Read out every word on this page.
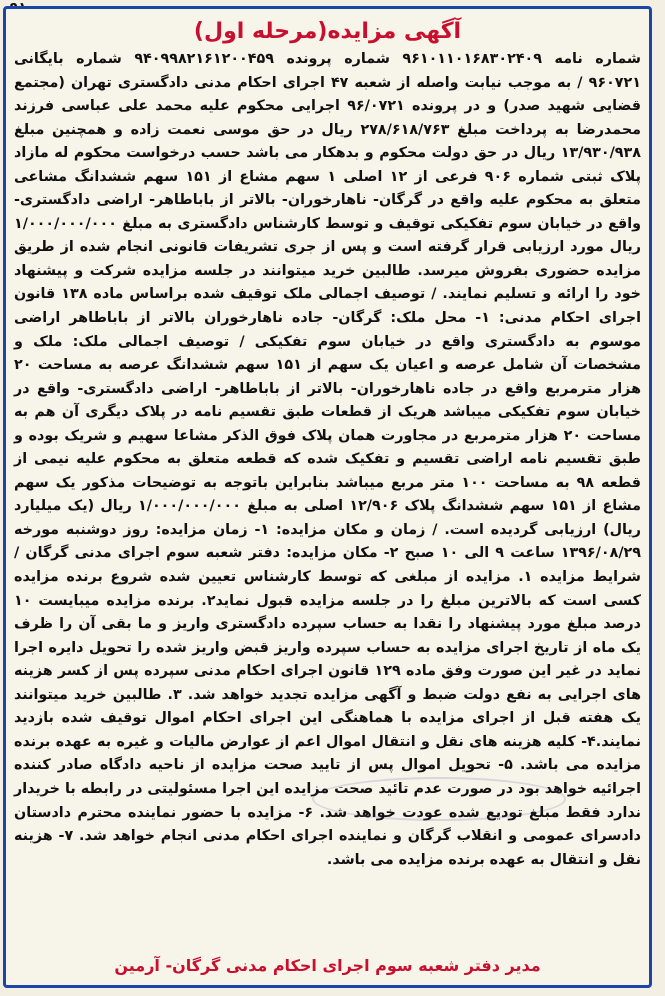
آگهی مزایده(مرحله اول)

شماره نامه ۹۶۱۰۱۱۰۱۶۸۳۰۲۴۰۹ شماره پرونده ۹۴۰۹۹۸۲۱۶۱۲۰۰۴۵۹ شماره بایگانی ۹۶۰۷۲۱ / به موجب نیابت واصله از شعبه ۴۷ اجرای احکام مدنی دادگستری تهران (مجتمع قضایی شهید صدر) و در پرونده ۹۶/۰۷۲۱ اجرایی محکوم علیه محمد علی عباسی فرزند محمدرضا به پرداخت مبلغ ۲۷۸/۶۱۸/۷۶۳ ریال در حق موسی نعمت زاده و همچنین مبلغ ۱۳/۹۳۰/۹۳۸ ریال در حق دولت محکوم و بدهکار می باشد حسب درخواست محکوم له مازاد پلاک ثبتی شماره ۹۰۶ فرعی از ۱۲ اصلی ۱ سهم مشاع از ۱۵۱ سهم ششدانگ مشاعی متعلق به محکوم علیه واقع در گرگان- ناهارخوران- بالاتر از باباطاهر- اراضی دادگستری- واقع در خیابان سوم تفکیکی توقیف و توسط کارشناس دادگستری به مبلغ ۱/۰۰۰/۰۰۰/۰۰۰ ریال مورد ارزیابی قرار گرفته است و پس از جری تشریفات قانونی انجام شده از طریق مزایده حضوری بفروش میرسد. طالبین خرید میتوانند در جلسه مزایده شرکت و پیشنهاد خود را ارائه و تسلیم نمایند. / توصیف اجمالی ملک توقیف شده براساس ماده ۱۳۸ قانون اجرای احکام مدنی: ۱- محل ملک: گرگان- جاده ناهارخوران بالاتر از باباطاهر اراضی موسوم به دادگستری واقع در خیابان سوم تفکیکی / توصیف اجمالی ملک: ملک و مشخصات آن شامل عرصه و اعیان یک سهم از ۱۵۱ سهم ششدانگ عرصه به مساحت ۲۰ هزار مترمربع واقع در جاده ناهارخوران- بالاتر از باباطاهر- اراضی دادگستری- واقع در خیابان سوم تفکیکی میباشد هریک از قطعات طبق تقسیم نامه در پلاک دیگری آن هم به مساحت ۲۰ هزار مترمربع در مجاورت همان پلاک فوق الذکر مشاعا سهیم و شریک بوده و طبق تقسیم نامه اراضی تقسیم و تفکیک شده که قطعه متعلق به محکوم علیه نیمی از قطعه ۹۸ به مساحت ۱۰۰ متر مربع میباشد بنابراین باتوجه به توضیحات مذکور یک سهم مشاع از ۱۵۱ سهم ششدانگ پلاک ۱۲/۹۰۶ اصلی به مبلغ ۱/۰۰۰/۰۰۰/۰۰۰ ریال (یک میلیارد ریال) ارزیابی گردیده است. / زمان و مکان مزایده: ۱- زمان مزایده: روز دوشنبه مورخه ۱۳۹۶/۰۸/۲۹ ساعت ۹ الی ۱۰ صبح ۲- مکان مزایده: دفتر شعبه سوم اجرای مدنی گرگان / شرایط مزایده ۱. مزایده از مبلغی که توسط کارشناس تعیین شده شروع برنده مزایده کسی است که بالاترین مبلغ را در جلسه مزایده قبول نماید۲. برنده مزایده میبایست ۱۰ درصد مبلغ مورد پیشنهاد را نقدا به حساب سپرده دادگستری واریز و ما بقی آن را ظرف یک ماه از تاریخ اجرای مزایده به حساب سپرده واریز قبض واریز شده را تحویل دایره اجرا نماید در غیر این صورت وفق ماده ۱۲۹ قانون اجرای احکام مدنی سپرده پس از کسر هزینه های اجرایی به نفع دولت ضبط و آگهی مزایده تجدید خواهد شد. ۳. طالبین خرید میتوانند یک هفته قبل از اجرای مزایده با هماهنگی این اجرای احکام اموال توقیف شده بازدید نمایند.۴- کلیه هزینه های نقل و انتقال اموال اعم از عوارض مالیات و غیره به عهده برنده مزایده می باشد. ۵- تحویل اموال پس از تایید صحت مزایده از ناحیه دادگاه صادر کننده اجرائیه خواهد بود در صورت عدم تائید صحت مزایده این اجرا مسئولیتی در رابطه با خریدار ندارد فقط مبلغ تودیع شده عودت خواهد شد. ۶- مزایده با حضور نماینده محترم دادستان دادسرای عمومی و انقلاب گرگان و نماینده اجرای احکام مدنی انجام خواهد شد. ۷- هزینه نقل و انتقال به عهده برنده مزایده می باشد.

مدیر دفتر شعبه سوم اجرای احکام مدنی گرگان- آرمین
